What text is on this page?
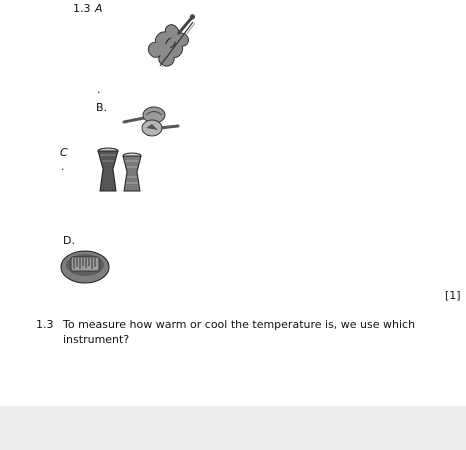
1.3 A
.
B.
C
.
D.
[1]
1.3 To measure how warm or cool the temperature is, we use which
instrument?
